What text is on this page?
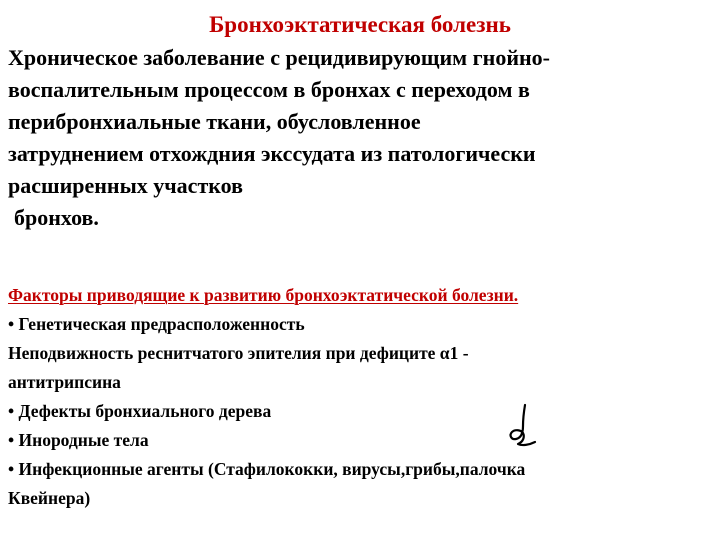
Бронхоэктатическая болезнь

Хроническое заболевание с рецидивирующим гнойно-
воспалительным процессом в бронхах с переходом в
перибронхиальные ткани, обусловленное
затруднением отхождния экссудата из патологически
расширенных участков
бронхов.

Факторы приводящие к развитию бронхоэктатической болезни.
• Генетическая предрасположенность
Неподвижность реснитчатого эпителия при дефиците α1 -
антитрипсина
• Дефекты бронхиального дерева
• Инородные тела
• Инфекционные агенты (Стафилококки, вирусы,грибы,палочка
Квейнера)
